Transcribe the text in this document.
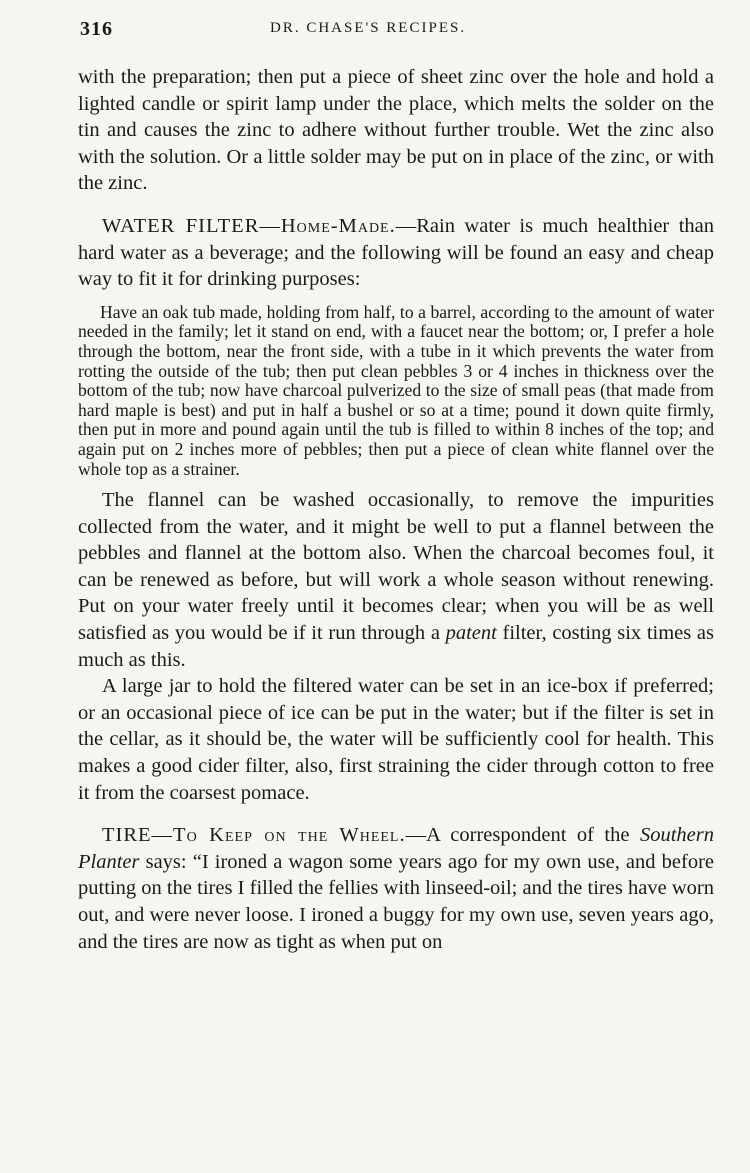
316	DR. CHASE'S RECIPES.

with the preparation; then put a piece of sheet zinc over the hole and hold a lighted candle or spirit lamp under the place, which melts the solder on the tin and causes the zinc to adhere without further trouble. Wet the zinc also with the solution. Or a little solder may be put on in place of the zinc, or with the zinc.

WATER FILTER—Home-Made.—Rain water is much healthier than hard water as a beverage; and the following will be found an easy and cheap way to fit it for drinking purposes:

Have an oak tub made, holding from half, to a barrel, according to the amount of water needed in the family; let it stand on end, with a faucet near the bottom; or, I prefer a hole through the bottom, near the front side, with a tube in it which prevents the water from rotting the outside of the tub; then put clean pebbles 3 or 4 inches in thickness over the bottom of the tub; now have charcoal pulverized to the size of small peas (that made from hard maple is best) and put in half a bushel or so at a time; pound it down quite firmly, then put in more and pound again until the tub is filled to within 8 inches of the top; and again put on 2 inches more of pebbles; then put a piece of clean white flannel over the whole top as a strainer.

The flannel can be washed occasionally, to remove the impurities collected from the water, and it might be well to put a flannel between the pebbles and flannel at the bottom also. When the charcoal becomes foul, it can be renewed as before, but will work a whole season without renewing. Put on your water freely until it becomes clear; when you will be as well satisfied as you would be if it run through a patent filter, costing six times as much as this.

A large jar to hold the filtered water can be set in an ice-box if preferred; or an occasional piece of ice can be put in the water; but if the filter is set in the cellar, as it should be, the water will be sufficiently cool for health. This makes a good cider filter, also, first straining the cider through cotton to free it from the coarsest pomace.

TIRE—To Keep on the Wheel.—A correspondent of the Southern Planter says: “I ironed a wagon some years ago for my own use, and before putting on the tires I filled the fellies with linseed-oil; and the tires have worn out, and were never loose. I ironed a buggy for my own use, seven years ago, and the tires are now as tight as when put on
